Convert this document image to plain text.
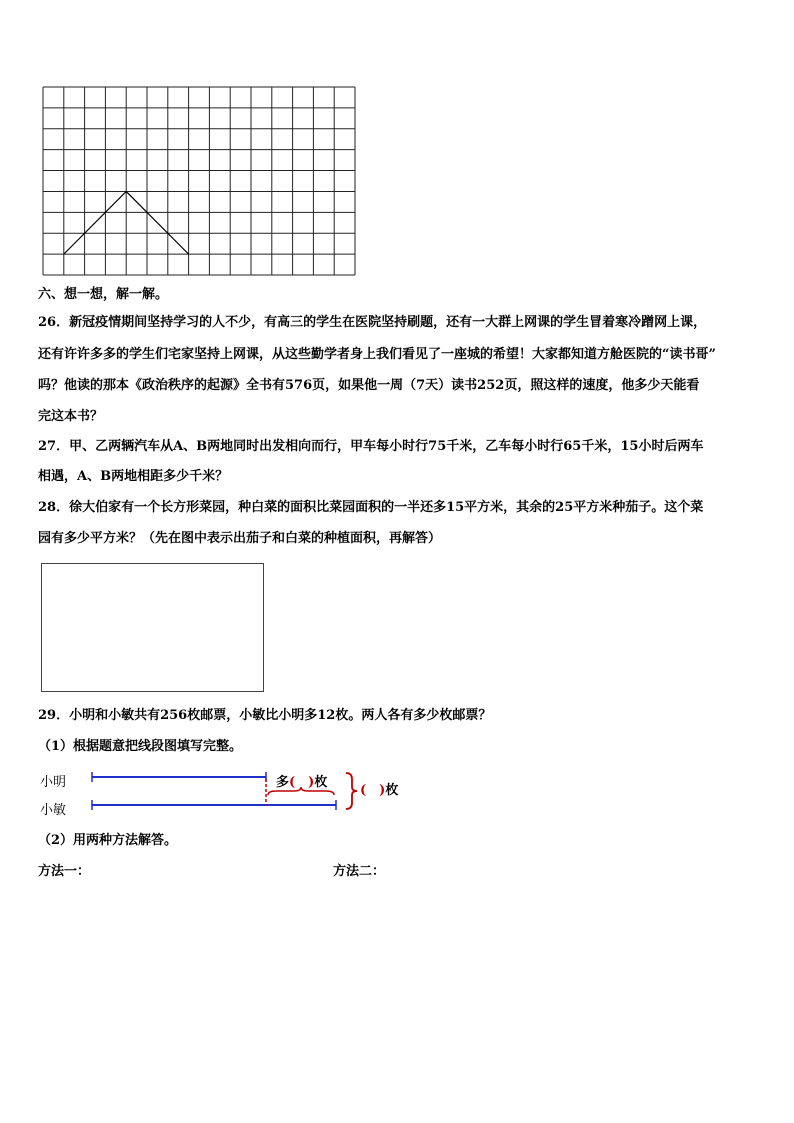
六、想一想，解一解。
26．新冠疫情期间坚持学习的人不少，有高三的学生在医院坚持刷题，还有一大群上网课的学生冒着寒冷蹭网上课，
还有许许多多的学生们宅家坚持上网课，从这些勤学者身上我们看见了一座城的希望！大家都知道方舱医院的“读书哥”
吗？他读的那本《政治秩序的起源》全书有576页，如果他一周（7天）读书252页，照这样的速度，他多少天能看
完这本书？
27．甲、乙两辆汽车从A、B两地同时出发相向而行，甲车每小时行75千米，乙车每小时行65千米，15小时后两车
相遇，A、B两地相距多少千米？
28．徐大伯家有一个长方形菜园，种白菜的面积比菜园面积的一半还多15平方米，其余的25平方米种茄子。这个菜
园有多少平方米？（先在图中表示出茄子和白菜的种植面积，再解答）
29．小明和小敏共有256枚邮票，小敏比小明多12枚。两人各有多少枚邮票？
（1）根据题意把线段图填写完整。
小明
小敏
多(　)枚
(　)枚
（2）用两种方法解答。
方法一：	方法二：
